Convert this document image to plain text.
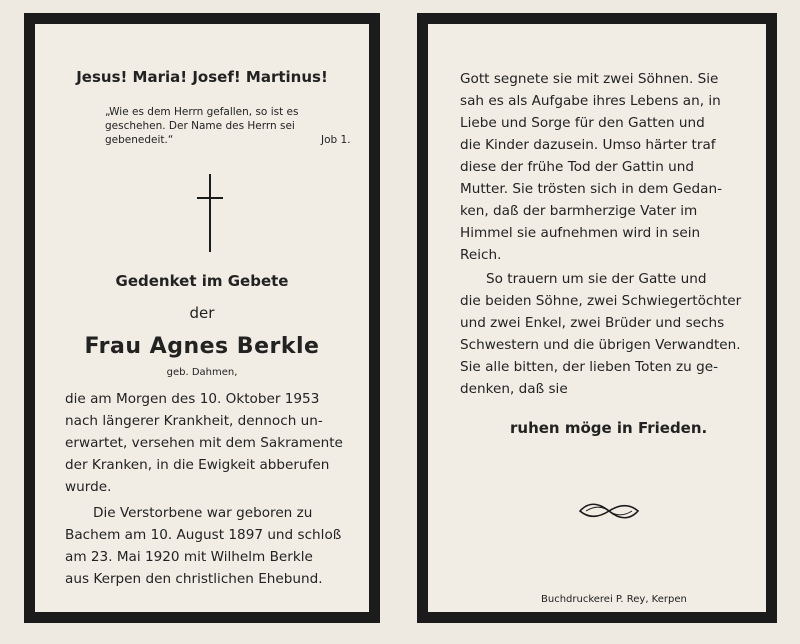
Jesus! Maria! Josef! Martinus!
„Wie es dem Herrn gefallen, so ist es
geschehen. Der Name des Herrn sei
gebenedeit.“	Job 1.
Gedenket im Gebete
der
Frau Agnes Berkle
geb. Dahmen,
die am Morgen des 10. Oktober 1953
nach längerer Krankheit, dennoch un-
erwartet, versehen mit dem Sakramente
der Kranken, in die Ewigkeit abberufen
wurde.
Die Verstorbene war geboren zu
Bachem am 10. August 1897 und schloß
am 23. Mai 1920 mit Wilhelm Berkle
aus Kerpen den christlichen Ehebund.
Gott segnete sie mit zwei Söhnen. Sie
sah es als Aufgabe ihres Lebens an, in
Liebe und Sorge für den Gatten und
die Kinder dazusein. Umso härter traf
diese der frühe Tod der Gattin und
Mutter. Sie trösten sich in dem Gedan-
ken, daß der barmherzige Vater im
Himmel sie aufnehmen wird in sein
Reich.
So trauern um sie der Gatte und
die beiden Söhne, zwei Schwiegertöchter
und zwei Enkel, zwei Brüder und sechs
Schwestern und die übrigen Verwandten.
Sie alle bitten, der lieben Toten zu ge-
denken, daß sie
ruhen möge in Frieden.
Buchdruckerei P. Rey, Kerpen
